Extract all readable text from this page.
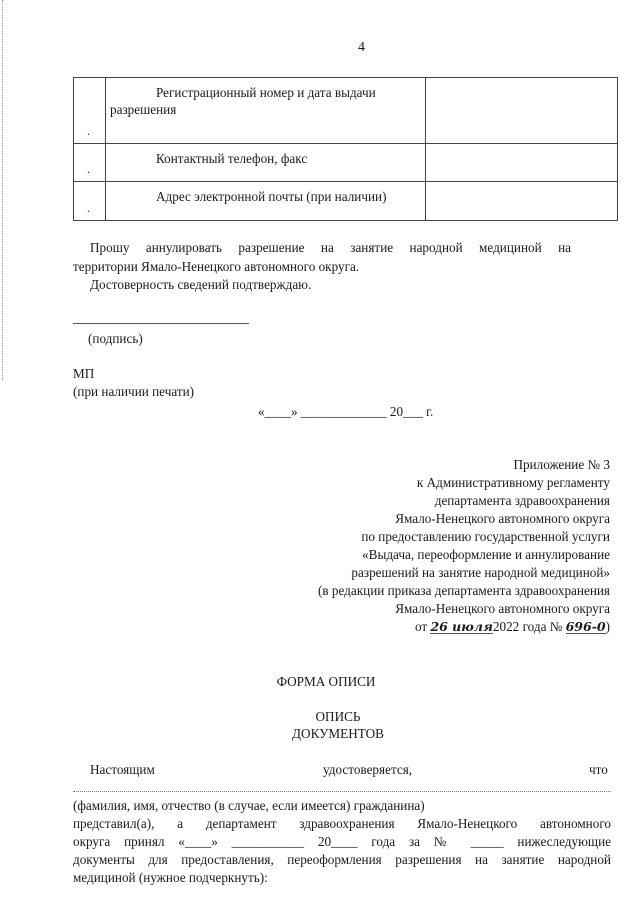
4
.	Регистрационный номер и дата выдачи
разрешения	

.	Контактный телефон, факс	

.	Адрес электронной почты (при наличии)	

Прошу аннулировать разрешение на занятие народной медициной на
территории Ямало-Ненецкого автономного округа.
Достоверность сведений подтверждаю.
(подпись)
МП
(при наличии печати)
«____» _____________ 20___ г.
Приложение № 3
к Административному регламенту
департамента здравоохранения
Ямало-Ненецкого автономного округа
по предоставлению государственной услуги
«Выдача, переоформление и аннулирование
разрешений на занятие народной медициной»
(в редакции приказа департамента здравоохранения
Ямало-Ненецкого автономного округа
от 26 июля2022 года № 696-0)
ФОРМА ОПИСИ
ОПИСЬ
ДОКУМЕНТОВ
Настоящим	удостоверяется,	что
(фамилия, имя, отчество (в случае, если имеется) гражданина)
представил(а), а департамент здравоохранения Ямало-Ненецкого автономного
округа принял «____» ___________ 20____ года за № _____ нижеследующие
документы для предоставления, переоформления разрешения на занятие народной
медициной (нужное подчеркнуть):
